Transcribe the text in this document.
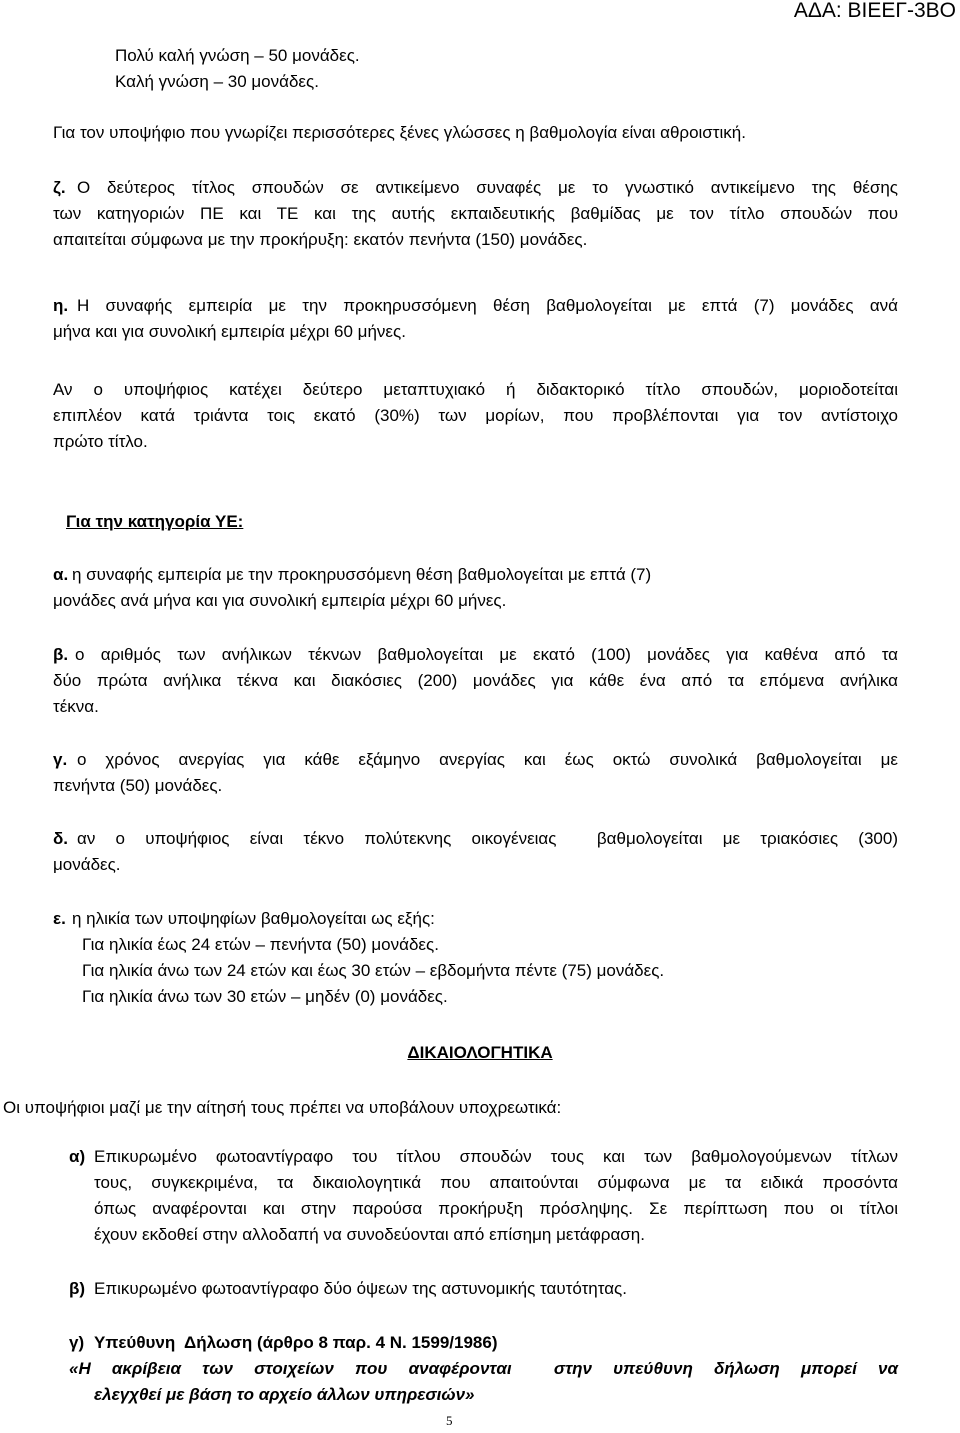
ΑΔΑ: ΒΙΕΕΓ-3ΒΟ
Πολύ καλή γνώση – 50 μονάδες.
Καλή γνώση – 30 μονάδες.
Για τον υποψήφιο που γνωρίζει περισσότερες ξένες γλώσσες η βαθμολογία είναι αθροιστική.
ζ. Ο δεύτερος τίτλος σπουδών σε αντικείμενο συναφές με το γνωστικό αντικείμενο της θέσης
των κατηγοριών ΠΕ και ΤΕ και της αυτής εκπαιδευτικής βαθμίδας με τον τίτλο σπουδών που
απαιτείται σύμφωνα με την προκήρυξη: εκατόν πενήντα (150) μονάδες.
η. Η συναφής εμπειρία με την προκηρυσσόμενη θέση βαθμολογείται με επτά (7) μονάδες ανά
μήνα και για συνολική εμπειρία μέχρι 60 μήνες.
Αν ο υποψήφιος κατέχει δεύτερο μεταπτυχιακό ή διδακτορικό τίτλο σπουδών, μοριοδοτείται
επιπλέον κατά τριάντα τοις εκατό (30%) των μορίων, που προβλέπονται για τον αντίστοιχο
πρώτο τίτλο.
Για την κατηγορία ΥΕ:
α. η συναφής εμπειρία με την προκηρυσσόμενη θέση βαθμολογείται με επτά (7)
μονάδες ανά μήνα και για συνολική εμπειρία μέχρι 60 μήνες.
β. ο αριθμός των ανήλικων τέκνων βαθμολογείται με εκατό (100) μονάδες για καθένα από τα
δύο πρώτα ανήλικα τέκνα και διακόσιες (200) μονάδες για κάθε ένα από τα επόμενα ανήλικα
τέκνα.
γ. ο χρόνος ανεργίας για κάθε εξάμηνο ανεργίας και έως οκτώ συνολικά βαθμολογείται με
πενήντα (50) μονάδες.
δ. αν ο υποψήφιος είναι τέκνο πολύτεκνης οικογένειας  βαθμολογείται με τριακόσιες (300)
μονάδες.
ε. η ηλικία των υποψηφίων βαθμολογείται ως εξής:
Για ηλικία έως 24 ετών – πενήντα (50) μονάδες.
Για ηλικία άνω των 24 ετών και έως 30 ετών – εβδομήντα πέντε (75) μονάδες.
Για ηλικία άνω των 30 ετών – μηδέν (0) μονάδες.
ΔΙΚΑΙΟΛΟΓΗΤΙΚΑ
Οι υποψήφιοι μαζί με την αίτησή τους πρέπει να υποβάλουν υποχρεωτικά:
α) Επικυρωμένο φωτοαντίγραφο του τίτλου σπουδών τους και των βαθμολογούμενων τίτλων
τους, συγκεκριμένα, τα δικαιολογητικά που απαιτούνται σύμφωνα με τα ειδικά προσόντα
όπως αναφέρονται και στην παρούσα προκήρυξη πρόσληψης. Σε περίπτωση που οι τίτλοι
έχουν εκδοθεί στην αλλοδαπή να συνοδεύονται από επίσημη μετάφραση.
β) Επικυρωμένο φωτοαντίγραφο δύο όψεων της αστυνομικής ταυτότητας.
γ) Υπεύθυνη  Δήλωση (άρθρο 8 παρ. 4 Ν. 1599/1986)
«Η ακρίβεια των στοιχείων που αναφέρονται  στην υπεύθυνη δήλωση μπορεί να
ελεγχθεί με βάση το αρχείο άλλων υπηρεσιών»
5
